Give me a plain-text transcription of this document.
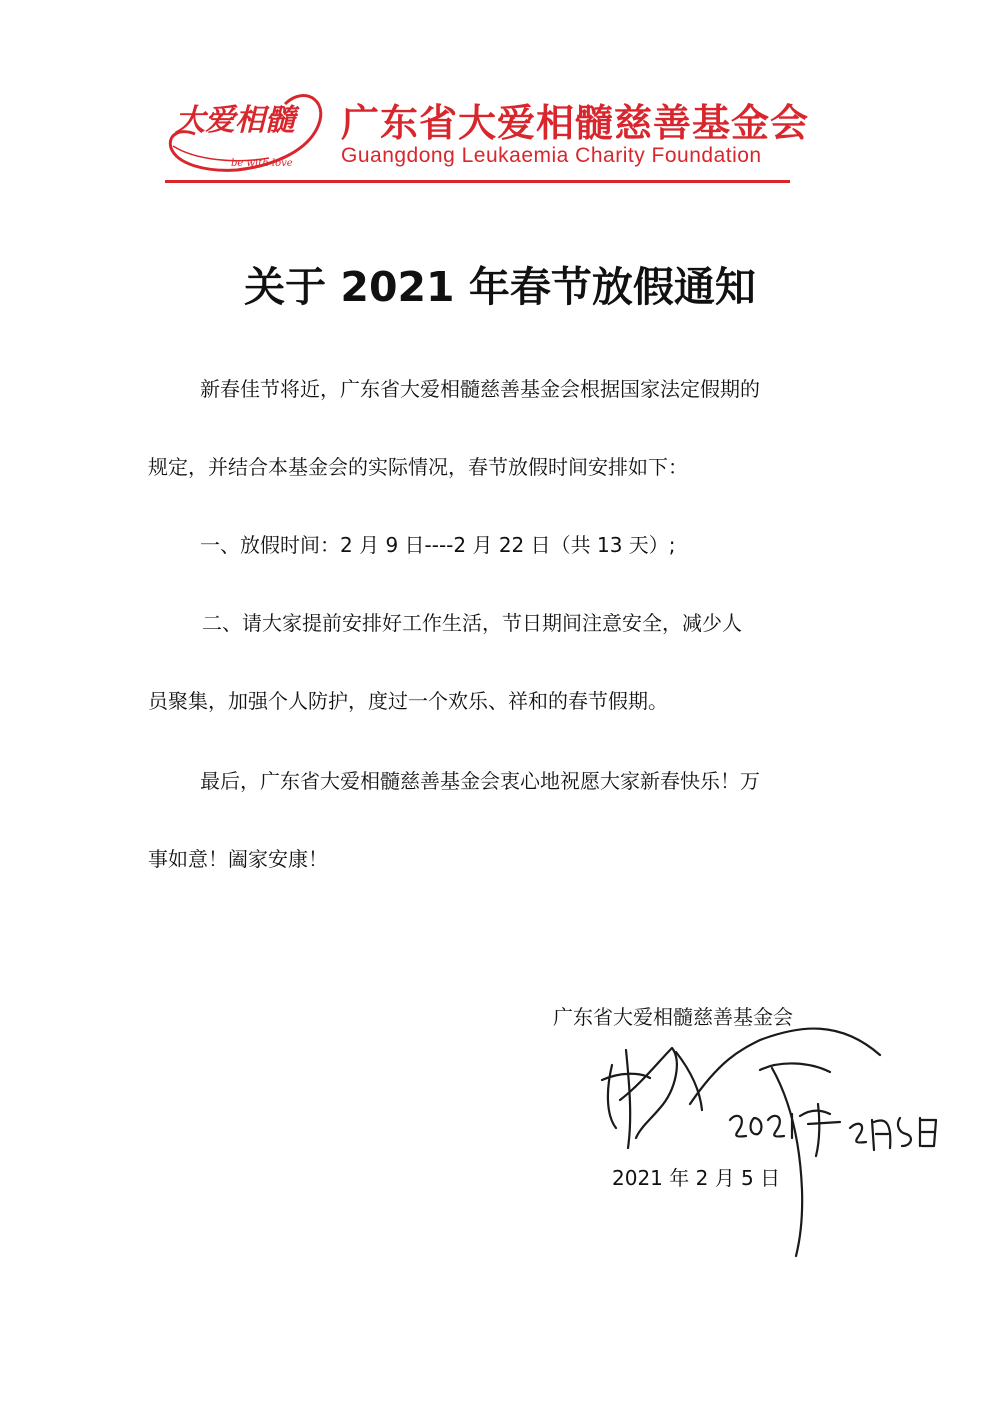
大爱相髓
be with love
广东省大爱相髓慈善基金会
Guangdong Leukaemia Charity Foundation
关于 2021 年春节放假通知
新春佳节将近，广东省大爱相髓慈善基金会根据国家法定假期的
规定，并结合本基金会的实际情况，春节放假时间安排如下：
一、放假时间：2 月 9 日----2 月 22 日（共 13 天）;
二、请大家提前安排好工作生活，节日期间注意安全，减少人
员聚集，加强个人防护，度过一个欢乐、祥和的春节假期。
最后，广东省大爱相髓慈善基金会衷心地祝愿大家新春快乐！万
事如意！阖家安康！
广东省大爱相髓慈善基金会
2021 年 2 月 5 日
